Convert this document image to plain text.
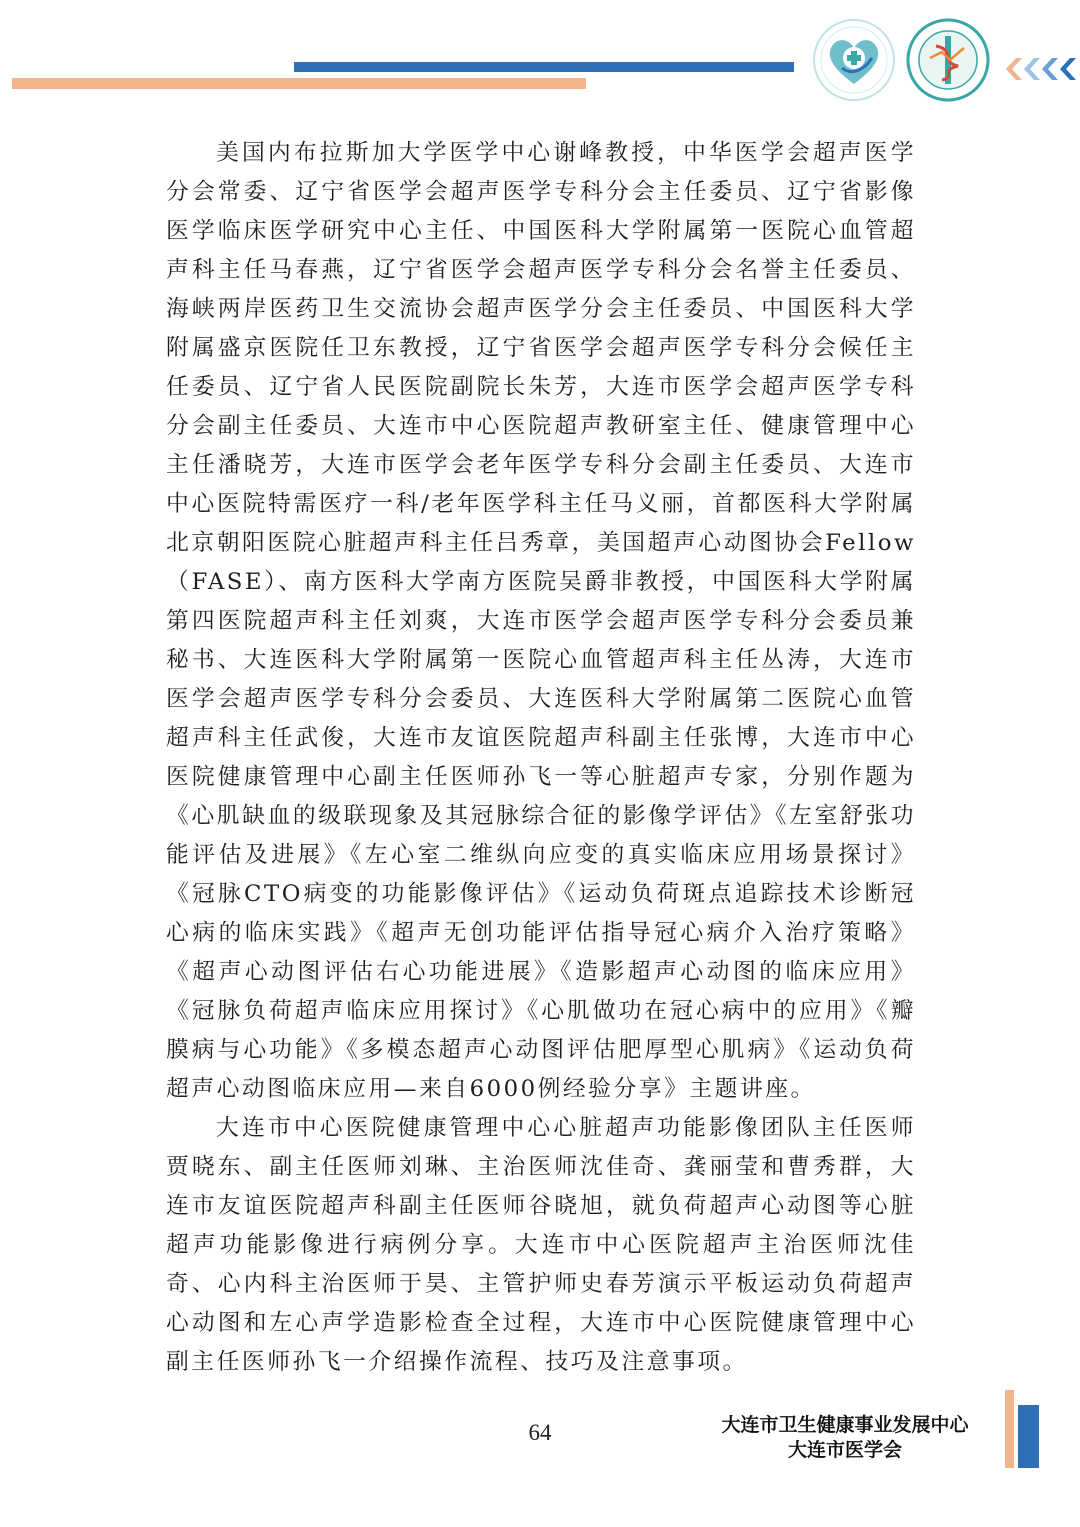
美国内布拉斯加大学医学中心谢峰教授，中华医学会超声医学分会常委、辽宁省医学会超声医学专科分会主任委员、辽宁省影像医学临床医学研究中心主任、中国医科大学附属第一医院心血管超声科主任马春燕，辽宁省医学会超声医学专科分会名誉主任委员、海峡两岸医药卫生交流协会超声医学分会主任委员、中国医科大学附属盛京医院任卫东教授，辽宁省医学会超声医学专科分会候任主任委员、辽宁省人民医院副院长朱芳，大连市医学会超声医学专科分会副主任委员、大连市中心医院超声教研室主任、健康管理中心主任潘晓芳，大连市医学会老年医学专科分会副主任委员、大连市中心医院特需医疗一科/老年医学科主任马义丽，首都医科大学附属北京朝阳医院心脏超声科主任吕秀章，美国超声心动图协会Fellow（FASE）、南方医科大学南方医院吴爵非教授，中国医科大学附属第四医院超声科主任刘爽，大连市医学会超声医学专科分会委员兼秘书、大连医科大学附属第一医院心血管超声科主任丛涛，大连市医学会超声医学专科分会委员、大连医科大学附属第二医院心血管超声科主任武俊，大连市友谊医院超声科副主任张博，大连市中心医院健康管理中心副主任医师孙飞一等心脏超声专家，分别作题为《心肌缺血的级联现象及其冠脉综合征的影像学评估》《左室舒张功能评估及进展》《左心室二维纵向应变的真实临床应用场景探讨》《冠脉CTO病变的功能影像评估》《运动负荷斑点追踪技术诊断冠心病的临床实践》《超声无创功能评估指导冠心病介入治疗策略》《超声心动图评估右心功能进展》《造影超声心动图的临床应用》《冠脉负荷超声临床应用探讨》《心肌做功在冠心病中的应用》《瓣膜病与心功能》《多模态超声心动图评估肥厚型心肌病》《运动负荷超声心动图临床应用—来自6000例经验分享》主题讲座。

大连市中心医院健康管理中心心脏超声功能影像团队主任医师贾晓东、副主任医师刘琳、主治医师沈佳奇、龚丽莹和曹秀群，大连市友谊医院超声科副主任医师谷晓旭，就负荷超声心动图等心脏超声功能影像进行病例分享。大连市中心医院超声主治医师沈佳奇、心内科主治医师于昊、主管护师史春芳演示平板运动负荷超声心动图和左心声学造影检查全过程，大连市中心医院健康管理中心副主任医师孙飞一介绍操作流程、技巧及注意事项。

64	大连市卫生健康事业发展中心
大连市医学会
